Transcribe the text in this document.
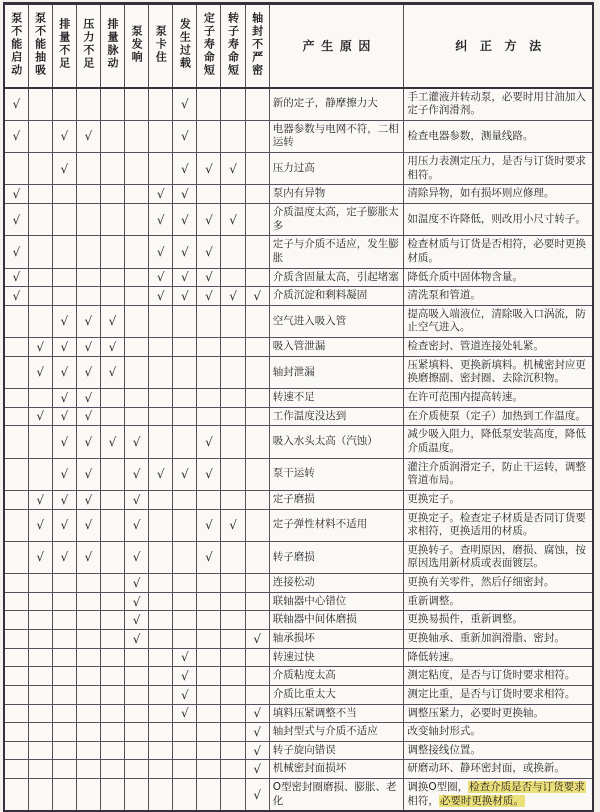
泵不能启动	泵不能抽吸	排量不足	压力不足	排量脉动	泵发响	泵卡住	发生过载	定子寿命短	转子寿命短	轴封不严密	产生原因	纠正方法
√							√				新的定子，静摩擦力大	手工灌液并转动泵，必要时用甘油加入定子作润滑剂。
√		√	√				√				电器参数与电网不符，二相运转	检查电器参数，测量线路。
		√					√	√	√		压力过高	用压力表测定压力，是否与订货时要求相符。
√						√	√				泵内有异物	清除异物，如有损坏则应修理。
√						√	√	√	√		介质温度太高，定子膨胀太多	如温度不许降低，则改用小尺寸转子。
√						√	√	√			定子与介质不适应，发生膨胀	检查材质与订货是否相符，必要时更换材质。
√						√	√	√			介质含固量太高，引起堵塞	降低介质中固体物含量。
√						√	√	√	√	√	介质沉淀和剩料凝固	清洗泵和管道。
		√	√	√							空气进入吸入管	提高吸入端液位，清除吸入口涡流，防止空气进入。
	√	√	√	√							吸入管泄漏	检查密封、管道连接处轧紧。
	√	√	√	√							轴封泄漏	压紧填料、更换新填料。机械密封应更换磨擦副、密封圈、去除沉积物。
		√	√								转速不足	在许可范围内提高转速。
	√	√	√								工作温度没达到	在介质使泵（定子）加热到工作温度。
		√	√	√	√			√			吸入水头太高（汽蚀）	减少吸入阻力，降低泵安装高度，降低介质温度。
		√	√		√	√	√	√			泵干运转	灌注介质润滑定子，防止干运转，调整管道布局。
	√	√	√		√						定子磨损	更换定子。
	√	√	√		√			√	√		定子弹性材料不适用	更换定子。检查定子材质是否同订货要求相符，更换适用的材质。
	√	√	√		√			√			转子磨损	更换转子。查明原因，磨损、腐蚀，按原因选用新材质或表面镀层。
					√						连接松动	更换有关零件，然后仔细密封。
					√						联轴器中心错位	重新调整。
					√						联轴器中间体磨损	更换易损件，重新调整。
					√					√	轴承损坏	更换轴承、重新加润滑脂、密封。
							√				转速过快	降低转速。
							√				介质粘度太高	测定粘度，是否与订货时要求相符。
							√				介质比重太大	测定比重，是否与订货时要求相符。
							√			√	填料压紧调整不当	调整压紧力，必要时更换轴。
										√	轴封型式与介质不适应	改变轴封形式。
										√	转子旋向错误	调整接线位置。
										√	机械密封面损坏	研磨动环、静环密封面，或换新。
										√	O型密封圈磨损、膨胀、老化	调换O型圈，检查介质是否与订货要求相符，必要时更换材质。
